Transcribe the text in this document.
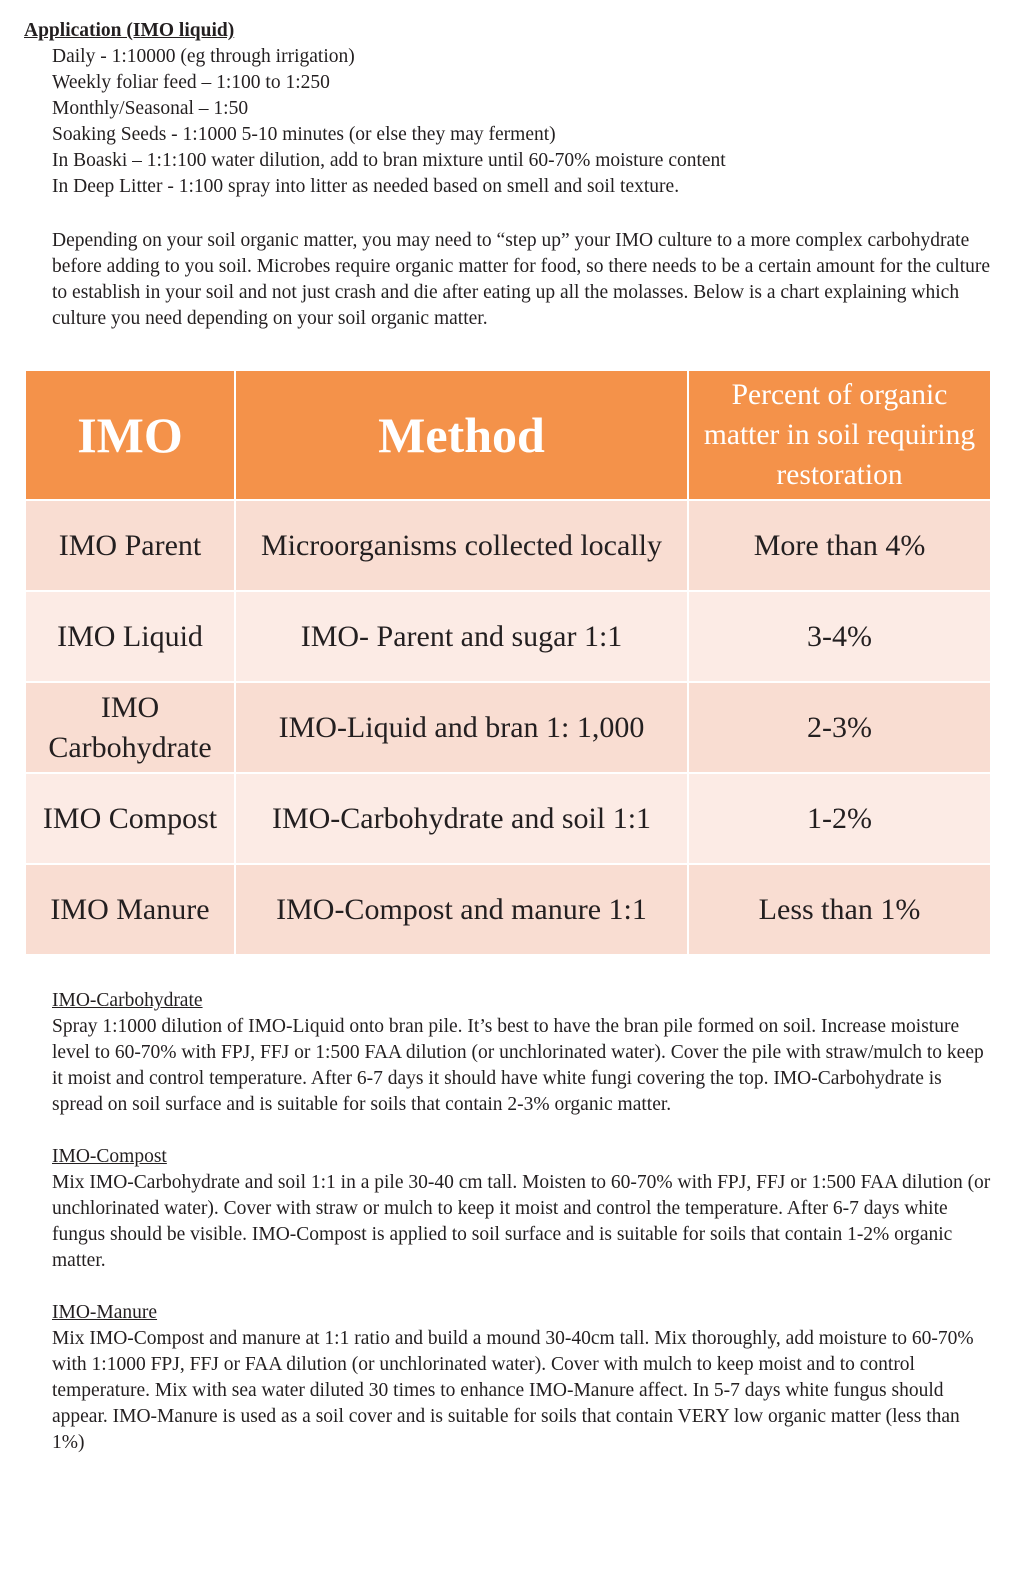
Application (IMO liquid)

Daily - 1:10000 (eg through irrigation)
Weekly foliar feed – 1:100 to 1:250
Monthly/Seasonal – 1:50
Soaking Seeds - 1:1000 5-10 minutes (or else they may ferment)
In Boaski – 1:1:100 water dilution, add to bran mixture until 60-70% moisture content
In Deep Litter - 1:100 spray into litter as needed based on smell and soil texture.

Depending on your soil organic matter, you may need to “step up” your IMO culture to a more complex carbohydrate before adding to you soil. Microbes require organic matter for food, so there needs to be a certain amount for the culture to establish in your soil and not just crash and die after eating up all the molasses. Below is a chart explaining which culture you need depending on your soil organic matter.

IMO	Method	Percent of organic matter in soil requiring restoration
IMO Parent	Microorganisms collected locally	More than 4%
IMO Liquid	IMO- Parent and sugar 1:1	3-4%
IMO Carbohydrate	IMO-Liquid and bran 1: 1,000	2-3%
IMO Compost	IMO-Carbohydrate and soil 1:1	1-2%
IMO Manure	IMO-Compost and manure 1:1	Less than 1%

IMO-Carbohydrate

Spray 1:1000 dilution of IMO-Liquid onto bran pile. It’s best to have the bran pile formed on soil. Increase moisture level to 60-70% with FPJ, FFJ or 1:500 FAA dilution (or unchlorinated water). Cover the pile with straw/mulch to keep it moist and control temperature. After 6-7 days it should have white fungi covering the top. IMO-Carbohydrate is spread on soil surface and is suitable for soils that contain 2-3% organic matter.

IMO-Compost

Mix IMO-Carbohydrate and soil 1:1 in a pile 30-40 cm tall. Moisten to 60-70% with FPJ, FFJ or 1:500 FAA dilution (or unchlorinated water). Cover with straw or mulch to keep it moist and control the temperature. After 6-7 days white fungus should be visible. IMO-Compost is applied to soil surface and is suitable for soils that contain 1-2% organic matter.

IMO-Manure

Mix IMO-Compost and manure at 1:1 ratio and build a mound 30-40cm tall. Mix thoroughly, add moisture to 60-70% with 1:1000 FPJ, FFJ or FAA dilution (or unchlorinated water). Cover with mulch to keep moist and to control temperature. Mix with sea water diluted 30 times to enhance IMO-Manure affect. In 5-7 days white fungus should appear. IMO-Manure is used as a soil cover and is suitable for soils that contain VERY low organic matter (less than 1%)
